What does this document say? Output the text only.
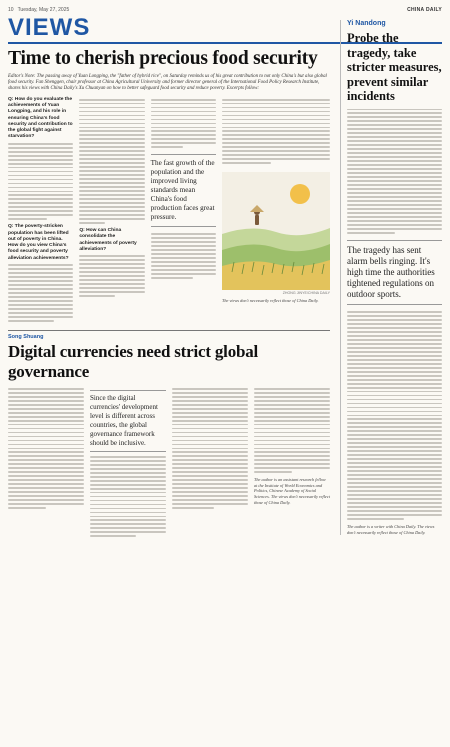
10 Tuesday, May 27, 2025	CHINA DAILY
VIEWS
Time to cherish precious food security

Editor's Note: The passing away of Yuan Longping, the "father of hybrid rice", on Saturday reminds us of his great contribution to not only China's but also global food security. Fan Shenggen, chair professor at China Agricultural University and former director general of the International Food Policy Research Institute, shares his views with China Daily's Xu Chuanyan on how to better safeguard food security and reduce poverty. Excerpts follow:

Q: How do you evaluate the achievements of Yuan Longping, and his role in ensuring China's food security and contribution to the global fight against starvation?

Q: The poverty-stricken population has been lifted out of poverty in China. How do you view China's food security and poverty alleviation achievements?

Q: How can China consolidate the achievements of poverty alleviation?

The fast growth of the population and the improved living standards mean China's food production faces great pressure.

ZHONG JINYE/CHINA DAILY

The views don't necessarily reflect those of China Daily.

Song Shuang
Digital currencies need strict global governance

Since the digital currencies' development level is different across countries, the global governance framework should be inclusive.

The author is an assistant research fellow at the Institute of World Economics and Politics, Chinese Academy of Social Sciences. The views don't necessarily reflect those of China Daily.

Yi Nandong
Probe the tragedy, take stricter measures, prevent similar incidents

The tragedy has sent alarm bells ringing. It's high time the authorities tightened regulations on outdoor sports.

The author is a writer with China Daily. The views don't necessarily reflect those of China Daily.
